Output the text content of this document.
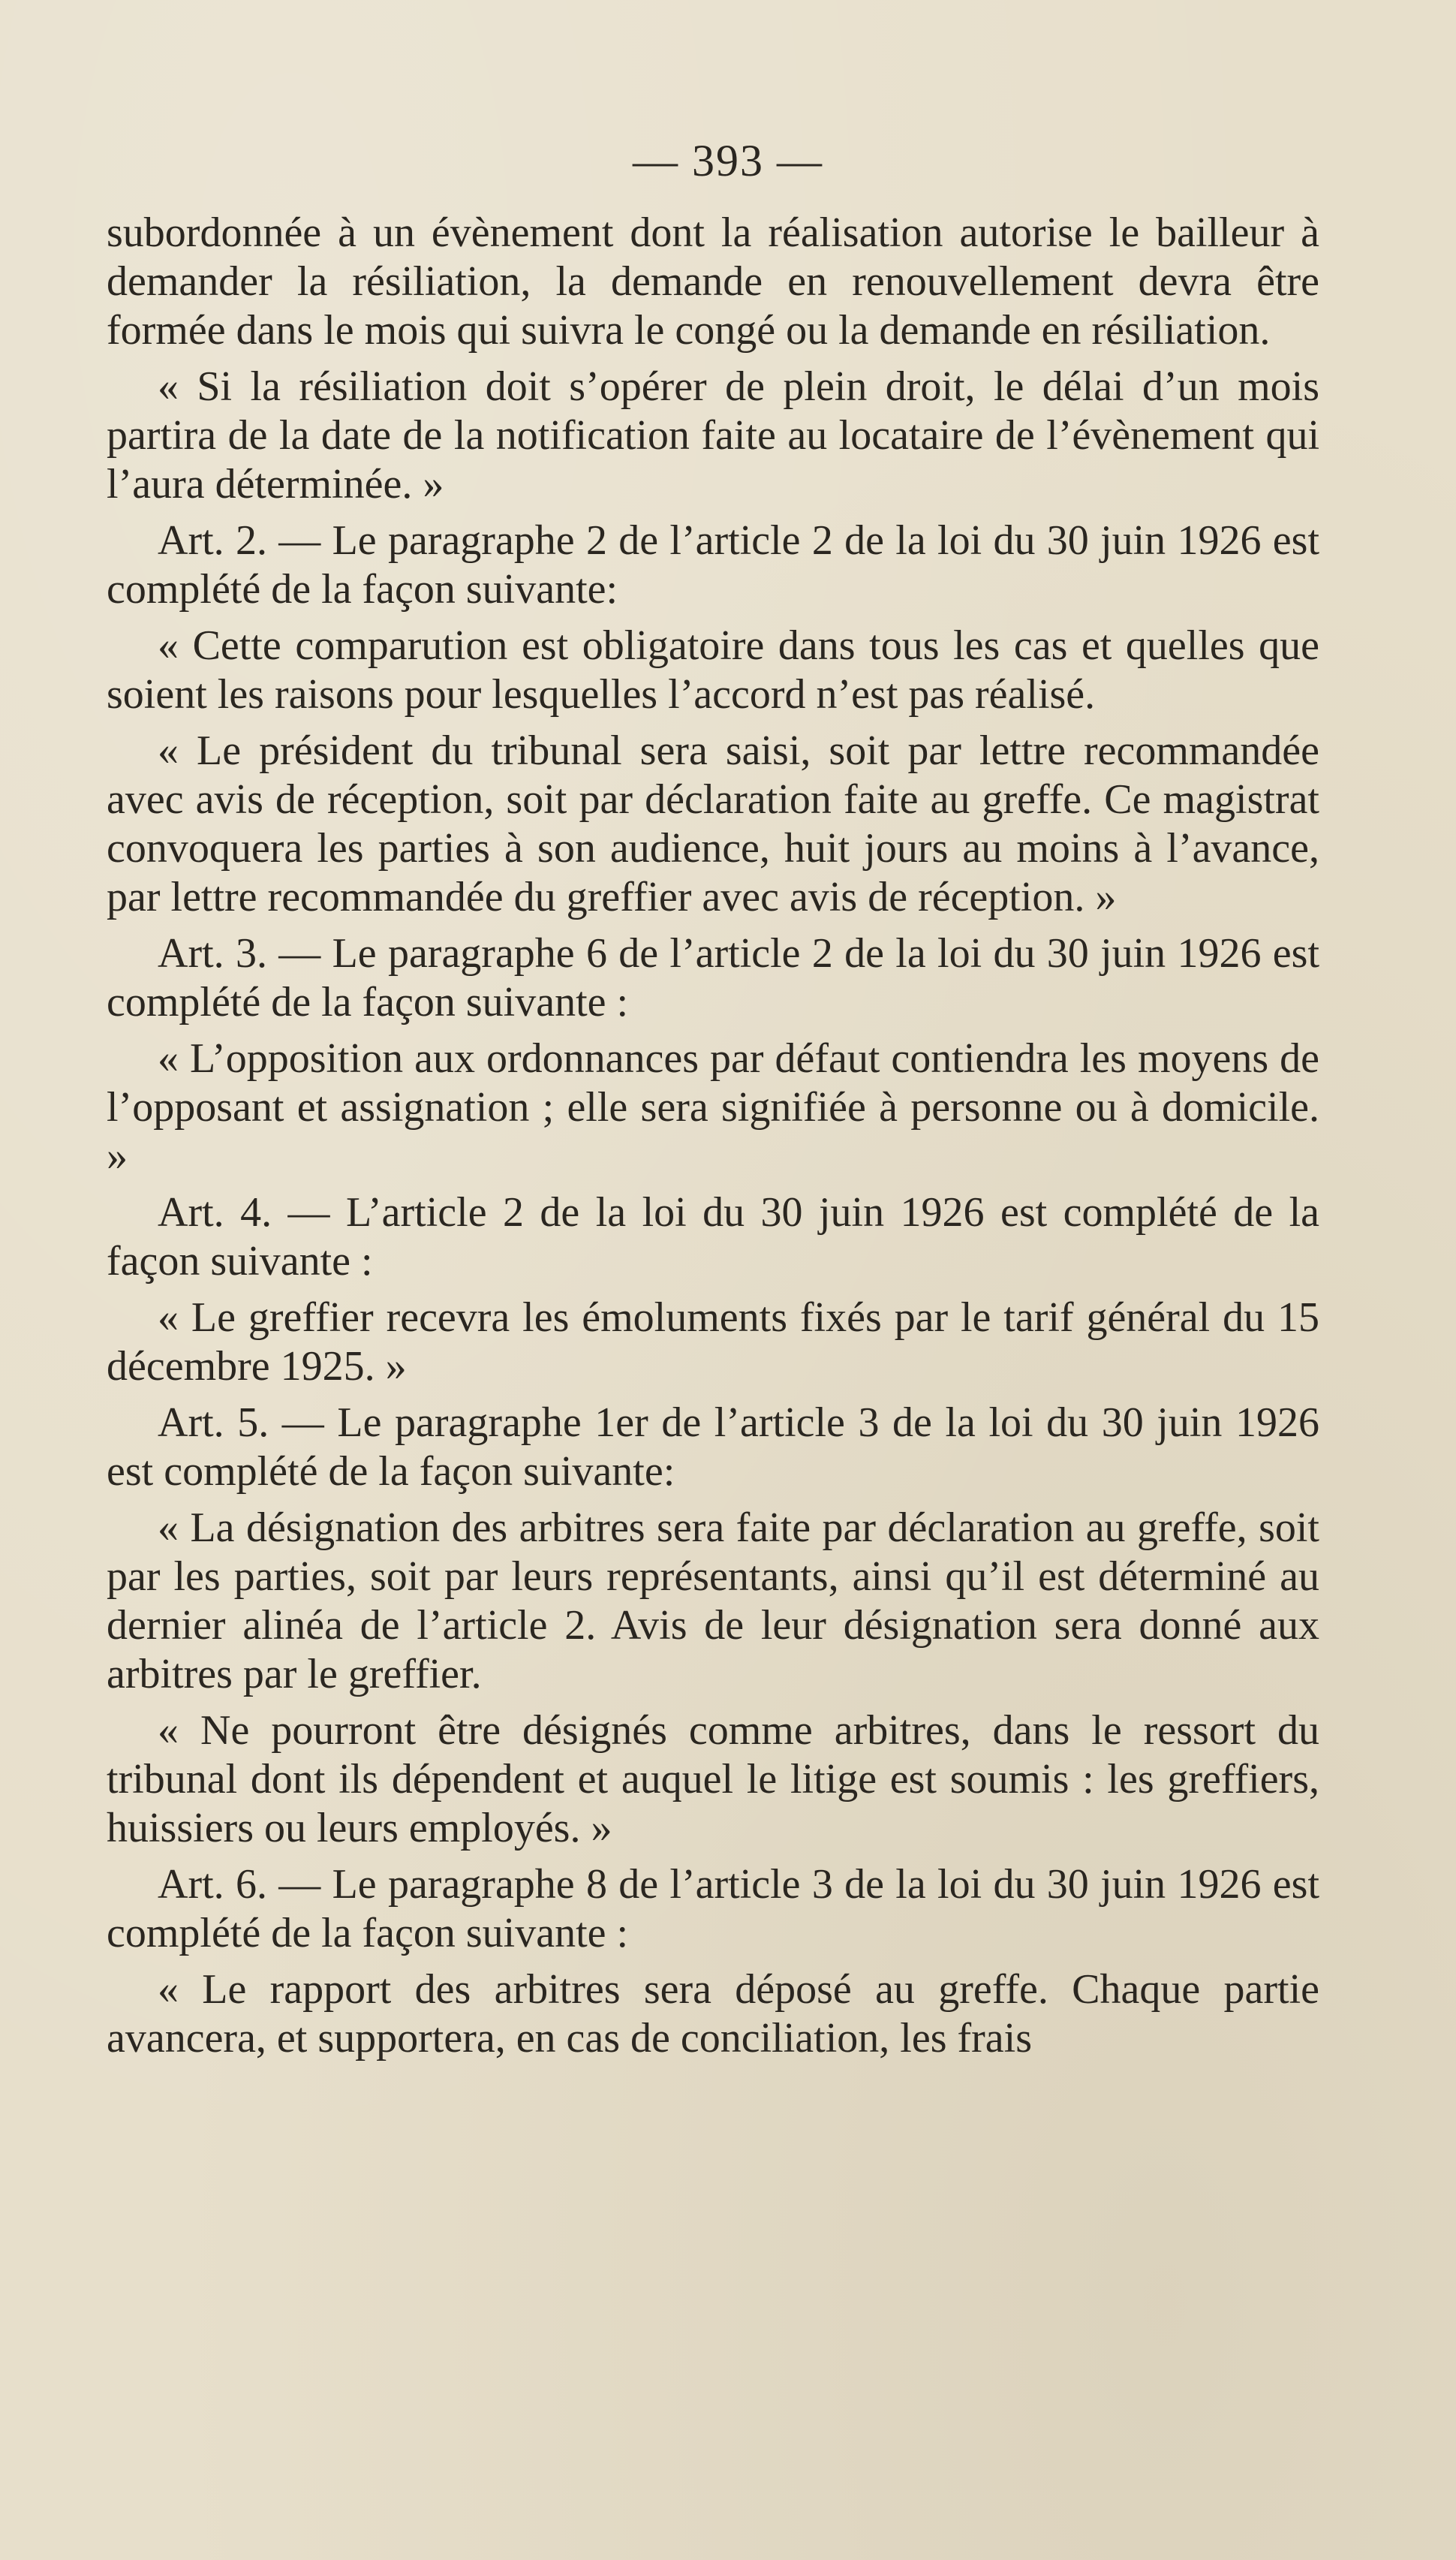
— 393 —

subordonnée à un évènement dont la réalisation autorise le bailleur à demander la résiliation, la demande en renouvellement devra être formée dans le mois qui suivra le congé ou la demande en résiliation.

« Si la résiliation doit s’opérer de plein droit, le délai d’un mois partira de la date de la notification faite au locataire de l’évènement qui l’aura déterminée. »

Art. 2. — Le paragraphe 2 de l’article 2 de la loi du 30 juin 1926 est complété de la façon suivante:

« Cette comparution est obligatoire dans tous les cas et quelles que soient les raisons pour lesquelles l’accord n’est pas réalisé.

« Le président du tribunal sera saisi, soit par lettre recommandée avec avis de réception, soit par déclaration faite au greffe. Ce magistrat convoquera les parties à son audience, huit jours au moins à l’avance, par lettre recommandée du greffier avec avis de réception. »

Art. 3. — Le paragraphe 6 de l’article 2 de la loi du 30 juin 1926 est complété de la façon suivante :

« L’opposition aux ordonnances par défaut contiendra les moyens de l’opposant et assignation ; elle sera signifiée à personne ou à domicile. »

Art. 4. — L’article 2 de la loi du 30 juin 1926 est complété de la façon suivante :

« Le greffier recevra les émoluments fixés par le tarif général du 15 décembre 1925. »

Art. 5. — Le paragraphe 1er de l’article 3 de la loi du 30 juin 1926 est complété de la façon suivante:

« La désignation des arbitres sera faite par déclaration au greffe, soit par les parties, soit par leurs représentants, ainsi qu’il est déterminé au dernier alinéa de l’article 2. Avis de leur désignation sera donné aux arbitres par le greffier.

« Ne pourront être désignés comme arbitres, dans le ressort du tribunal dont ils dépendent et auquel le litige est soumis : les greffiers, huissiers ou leurs employés. »

Art. 6. — Le paragraphe 8 de l’article 3 de la loi du 30 juin 1926 est complété de la façon suivante :

« Le rapport des arbitres sera déposé au greffe. Chaque partie avancera, et supportera, en cas de conciliation, les frais
